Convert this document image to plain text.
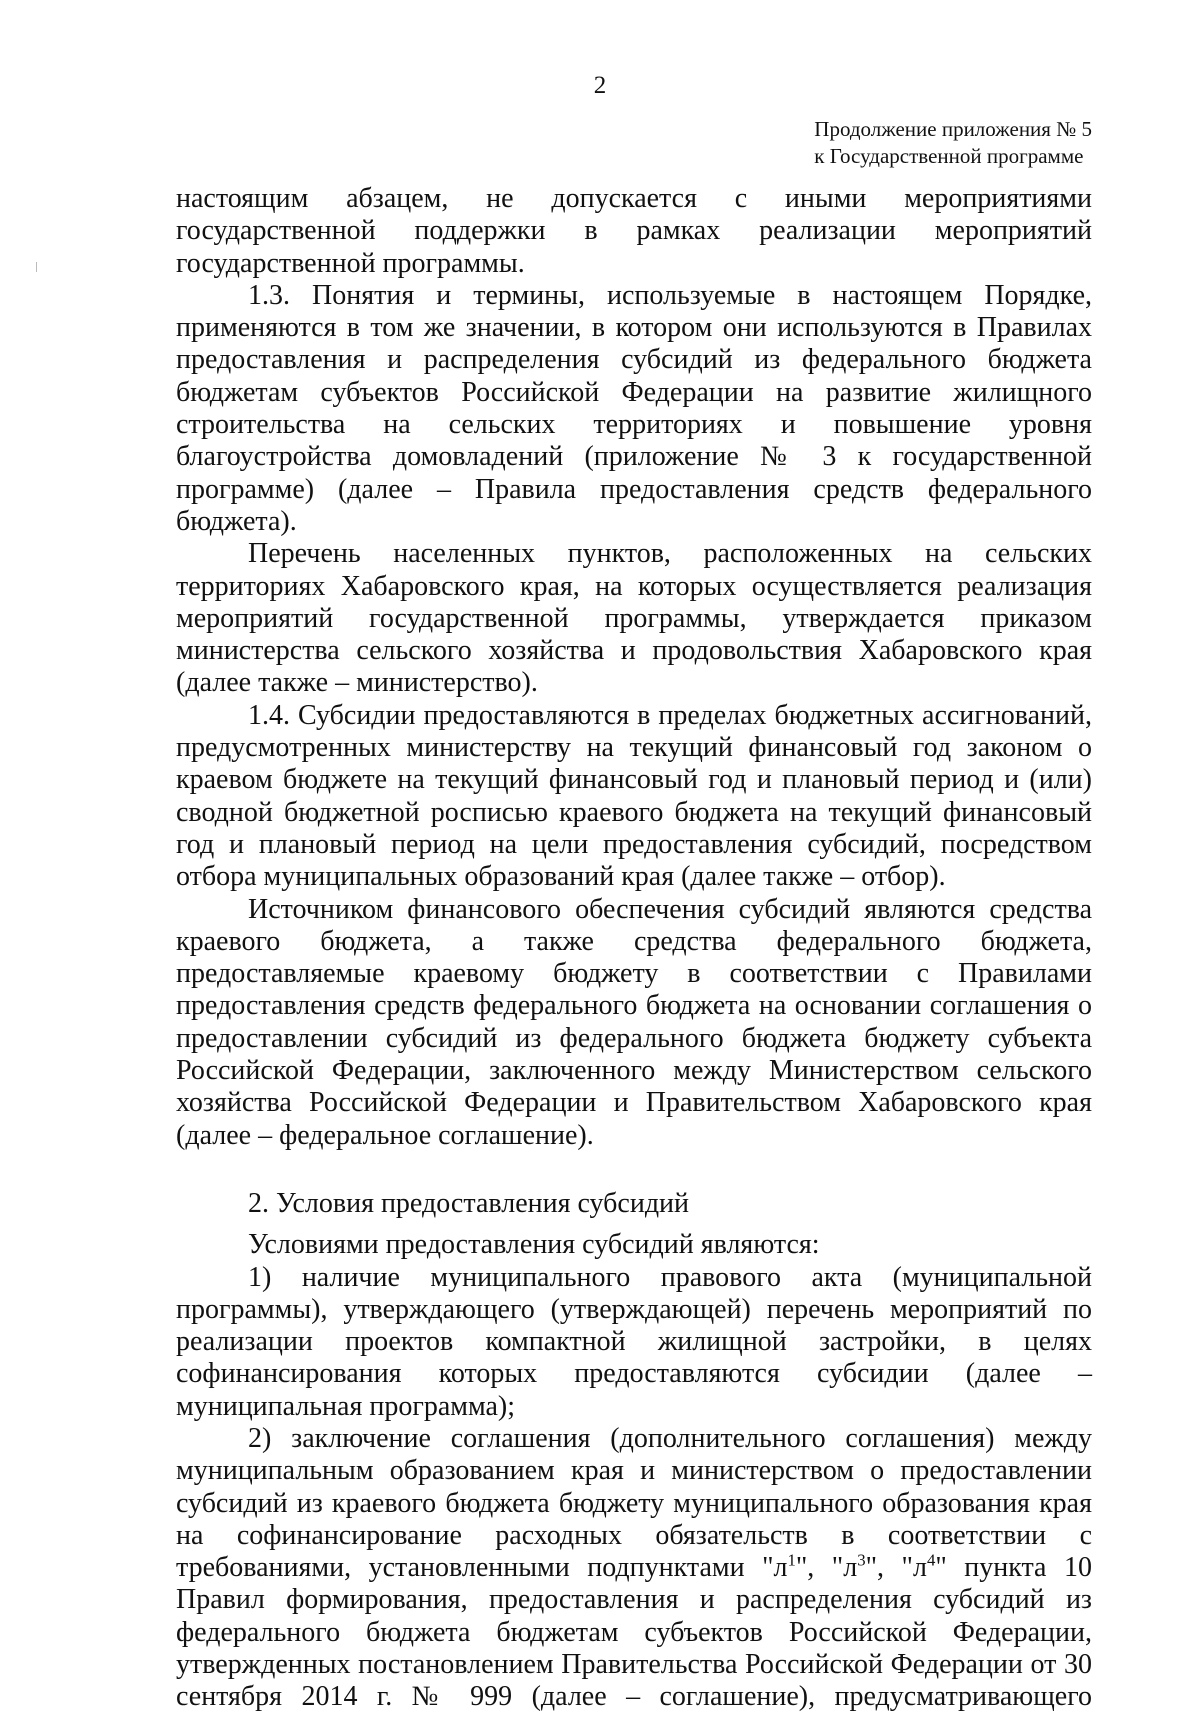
2
Продолжение приложения № 5
к Государственной программе

настоящим абзацем, не допускается с иными мероприятиями государственной поддержки в рамках реализации мероприятий государственной программы.

1.3. Понятия и термины, используемые в настоящем Порядке, применяются в том же значении, в котором они используются в Правилах предоставления и распределения субсидий из федерального бюджета бюджетам субъектов Российской Федерации на развитие жилищного строительства на сельских территориях и повышение уровня благоустройства домовладений (приложение № 3 к государственной программе) (далее – Правила предоставления средств федерального бюджета).

Перечень населенных пунктов, расположенных на сельских территориях Хабаровского края, на которых осуществляется реализация мероприятий государственной программы, утверждается приказом министерства сельского хозяйства и продовольствия Хабаровского края (далее также – министерство).

1.4. Субсидии предоставляются в пределах бюджетных ассигнований, предусмотренных министерству на текущий финансовый год законом о краевом бюджете на текущий финансовый год и плановый период и (или) сводной бюджетной росписью краевого бюджета на текущий финансовый год и плановый период на цели предоставления субсидий, посредством отбора муниципальных образований края (далее также – отбор).

Источником финансового обеспечения субсидий являются средства краевого бюджета, а также средства федерального бюджета, предоставляемые краевому бюджету в соответствии с Правилами предоставления средств федерального бюджета на основании соглашения о предоставлении субсидий из федерального бюджета бюджету субъекта Российской Федерации, заключенного между Министерством сельского хозяйства Российской Федерации и Правительством Хабаровского края (далее – федеральное соглашение).

2. Условия предоставления субсидий

Условиями предоставления субсидий являются:

1) наличие муниципального правового акта (муниципальной программы), утверждающего (утверждающей) перечень мероприятий по реализации проектов компактной жилищной застройки, в целях софинансирования которых предоставляются субсидии (далее – муниципальная программа);

2) заключение соглашения (дополнительного соглашения) между муниципальным образованием края и министерством о предоставлении субсидий из краевого бюджета бюджету муниципального образования края на софинансирование расходных обязательств в соответствии с требованиями, установленными подпунктами "$л^1$", "$л^3$", "$л^4$" пункта 10 Правил формирования, предоставления и распределения субсидий из федерального бюджета бюджетам субъектов Российской Федерации, утвержденных постановлением Правительства Российской Федерации от 30 сентября 2014 г. № 999 (далее – соглашение), предусматривающего
